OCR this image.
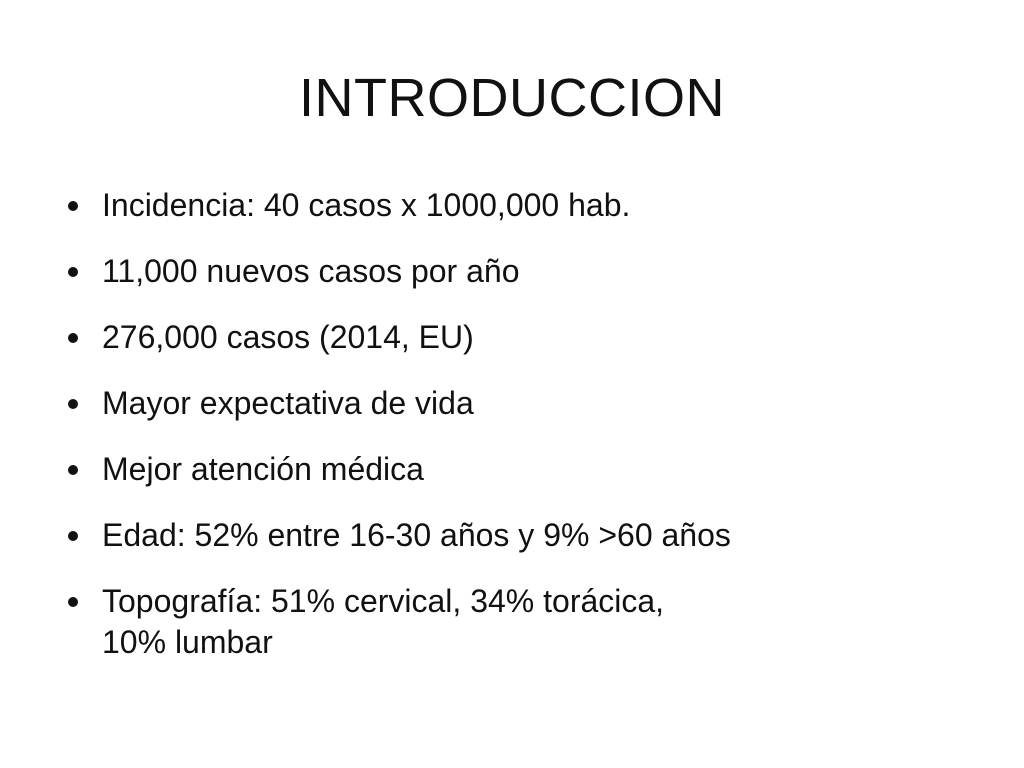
INTRODUCCION
Incidencia: 40 casos x 1000,000 hab.
11,000 nuevos casos por año
276,000 casos (2014, EU)
Mayor expectativa de vida
Mejor atención médica
Edad: 52% entre 16-30 años y 9% >60 años
Topografía: 51% cervical, 34% torácica,
10% lumbar
